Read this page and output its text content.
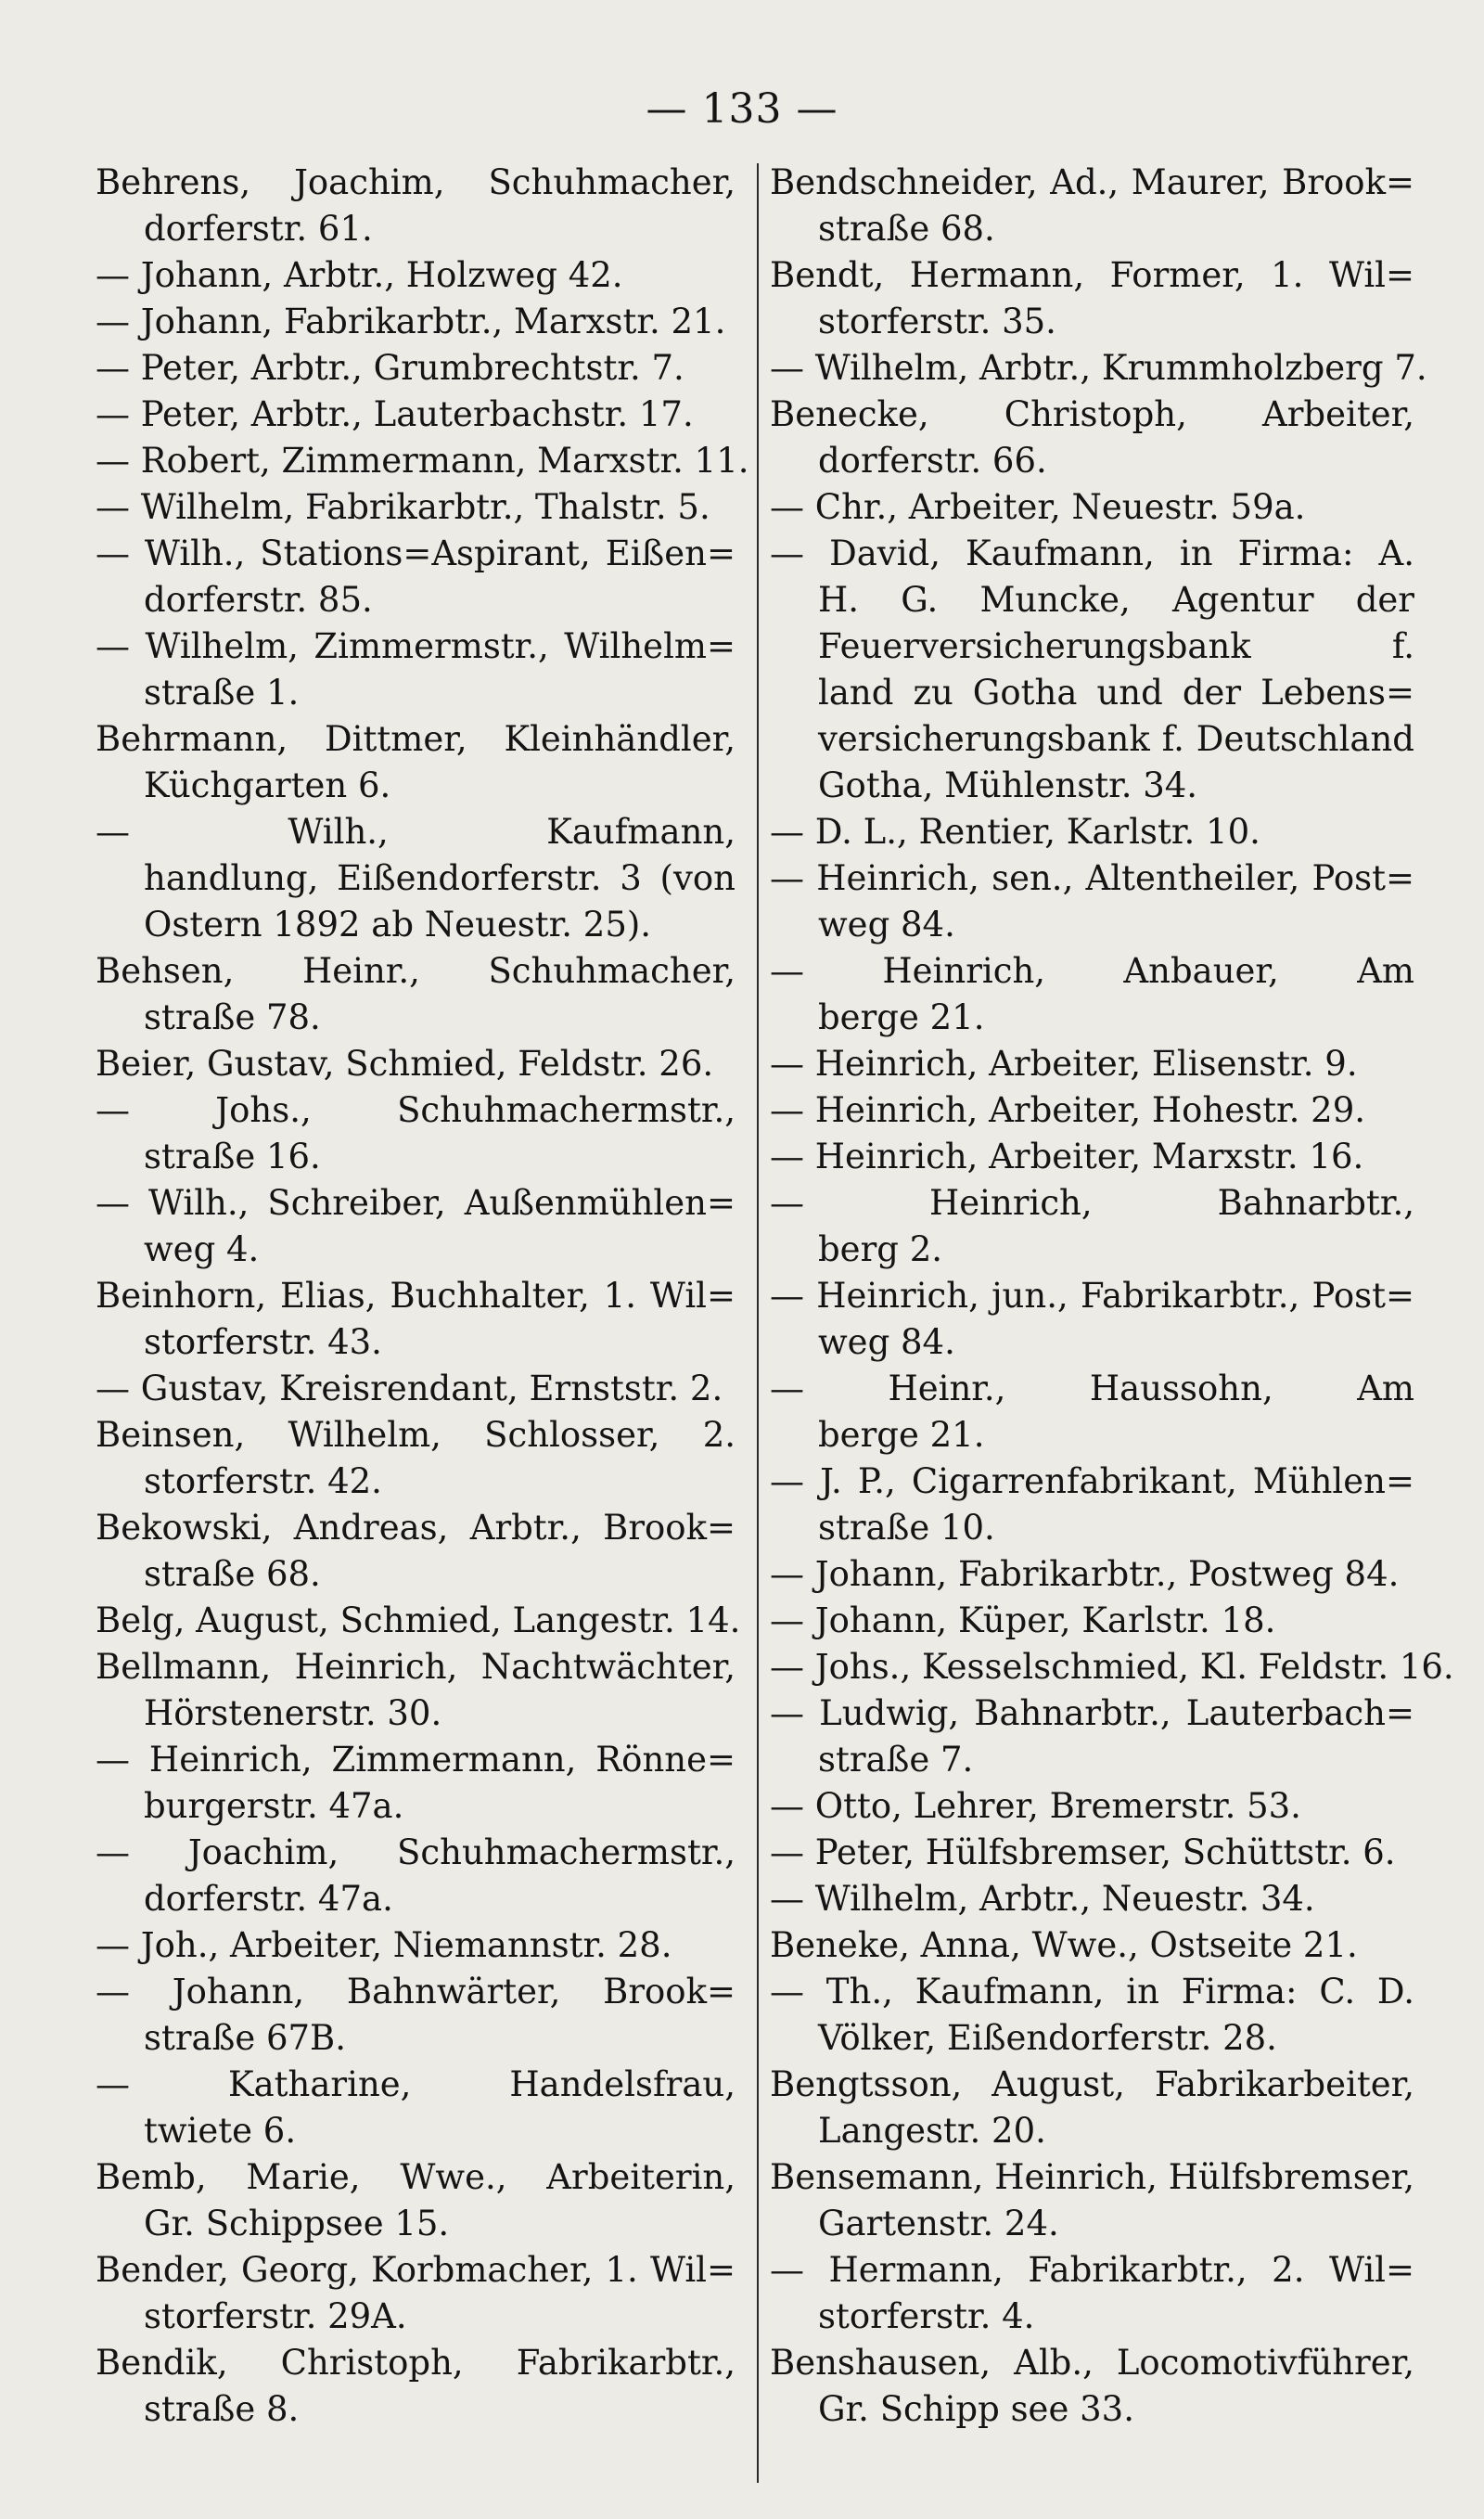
— 133 —
Behrens, Joachim, Schuhmacher,
dorferstr. 61.
— Johann, Arbtr., Holzweg 42.
— Johann, Fabrikarbtr., Marxstr. 21.
— Peter, Arbtr., Grumbrechtstr. 7.
— Peter, Arbtr., Lauterbachstr. 17.
— Robert, Zimmermann, Marxstr. 11.
— Wilhelm, Fabrikarbtr., Thalstr. 5.
— Wilh., Stations=Aspirant, Eißen=
dorferstr. 85.
— Wilhelm, Zimmermstr., Wilhelm=
straße 1.
Behrmann, Dittmer, Kleinhändler,
Küchgarten 6.
— Wilh., Kaufmann,
handlung, Eißendorferstr. 3 (von
Ostern 1892 ab Neuestr. 25).
Behsen, Heinr., Schuhmacher,
straße 78.
Beier, Gustav, Schmied, Feldstr. 26.
— Johs., Schuhmachermstr.,
straße 16.
— Wilh., Schreiber, Außenmühlen=
weg 4.
Beinhorn, Elias, Buchhalter, 1. Wil=
storferstr. 43.
— Gustav, Kreisrendant, Ernststr. 2.
Beinsen, Wilhelm, Schlosser, 2.
storferstr. 42.
Bekowski, Andreas, Arbtr., Brook=
straße 68.
Belg, August, Schmied, Langestr. 14.
Bellmann, Heinrich, Nachtwächter,
Hörstenerstr. 30.
— Heinrich, Zimmermann, Rönne=
burgerstr. 47a.
— Joachim, Schuhmachermstr.,
dorferstr. 47a.
— Joh., Arbeiter, Niemannstr. 28.
— Johann, Bahnwärter, Brook=
straße 67B.
— Katharine, Handelsfrau,
twiete 6.
Bemb, Marie, Wwe., Arbeiterin,
Gr. Schippsee 15.
Bender, Georg, Korbmacher, 1. Wil=
storferstr. 29A.
Bendik, Christoph, Fabrikarbtr.,
straße 8.
Bendschneider, Ad., Maurer, Brook=
straße 68.
Bendt, Hermann, Former, 1. Wil=
storferstr. 35.
— Wilhelm, Arbtr., Krummholzberg 7.
Benecke, Christoph, Arbeiter,
dorferstr. 66.
— Chr., Arbeiter, Neuestr. 59a.
— David, Kaufmann, in Firma: A.
H. G. Muncke, Agentur der
Feuerversicherungsbank f.
land zu Gotha und der Lebens=
versicherungsbank f. Deutschland
Gotha, Mühlenstr. 34.
— D. L., Rentier, Karlstr. 10.
— Heinrich, sen., Altentheiler, Post=
weg 84.
— Heinrich, Anbauer, Am
berge 21.
— Heinrich, Arbeiter, Elisenstr. 9.
— Heinrich, Arbeiter, Hohestr. 29.
— Heinrich, Arbeiter, Marxstr. 16.
— Heinrich, Bahnarbtr.,
berg 2.
— Heinrich, jun., Fabrikarbtr., Post=
weg 84.
— Heinr., Haussohn, Am
berge 21.
— J. P., Cigarrenfabrikant, Mühlen=
straße 10.
— Johann, Fabrikarbtr., Postweg 84.
— Johann, Küper, Karlstr. 18.
— Johs., Kesselschmied, Kl. Feldstr. 16.
— Ludwig, Bahnarbtr., Lauterbach=
straße 7.
— Otto, Lehrer, Bremerstr. 53.
— Peter, Hülfsbremser, Schüttstr. 6.
— Wilhelm, Arbtr., Neuestr. 34.
Beneke, Anna, Wwe., Ostseite 21.
— Th., Kaufmann, in Firma: C. D.
Völker, Eißendorferstr. 28.
Bengtsson, August, Fabrikarbeiter,
Langestr. 20.
Bensemann, Heinrich, Hülfsbremser,
Gartenstr. 24.
— Hermann, Fabrikarbtr., 2. Wil=
storferstr. 4.
Benshausen, Alb., Locomotivführer,
Gr. Schipp see 33.
